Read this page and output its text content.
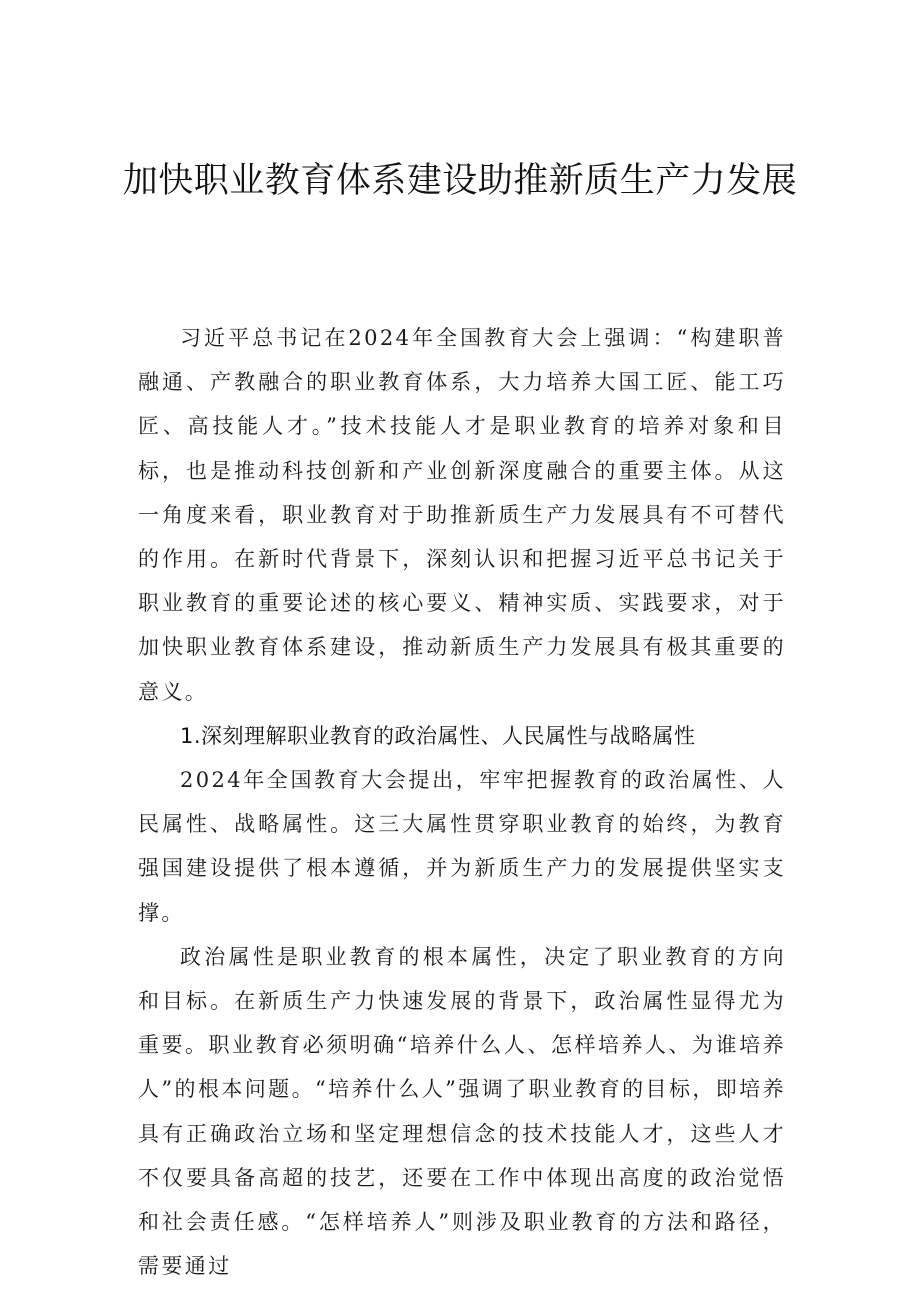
加快职业教育体系建设助推新质生产力发展

习近平总书记在2024年全国教育大会上强调：“构建职普融通、产教融合的职业教育体系，大力培养大国工匠、能工巧匠、高技能人才。”技术技能人才是职业教育的培养对象和目标，也是推动科技创新和产业创新深度融合的重要主体。从这一角度来看，职业教育对于助推新质生产力发展具有不可替代的作用。在新时代背景下，深刻认识和把握习近平总书记关于职业教育的重要论述的核心要义、精神实质、实践要求，对于加快职业教育体系建设，推动新质生产力发展具有极其重要的意义。

1.深刻理解职业教育的政治属性、人民属性与战略属性

2024年全国教育大会提出，牢牢把握教育的政治属性、人民属性、战略属性。这三大属性贯穿职业教育的始终，为教育强国建设提供了根本遵循，并为新质生产力的发展提供坚实支撑。

政治属性是职业教育的根本属性，决定了职业教育的方向和目标。在新质生产力快速发展的背景下，政治属性显得尤为重要。职业教育必须明确“培养什么人、怎样培养人、为谁培养人”的根本问题。“培养什么人”强调了职业教育的目标，即培养具有正确政治立场和坚定理想信念的技术技能人才，这些人才不仅要具备高超的技艺，还要在工作中体现出高度的政治觉悟和社会责任感。“怎样培养人”则涉及职业教育的方法和路径，需要通过
